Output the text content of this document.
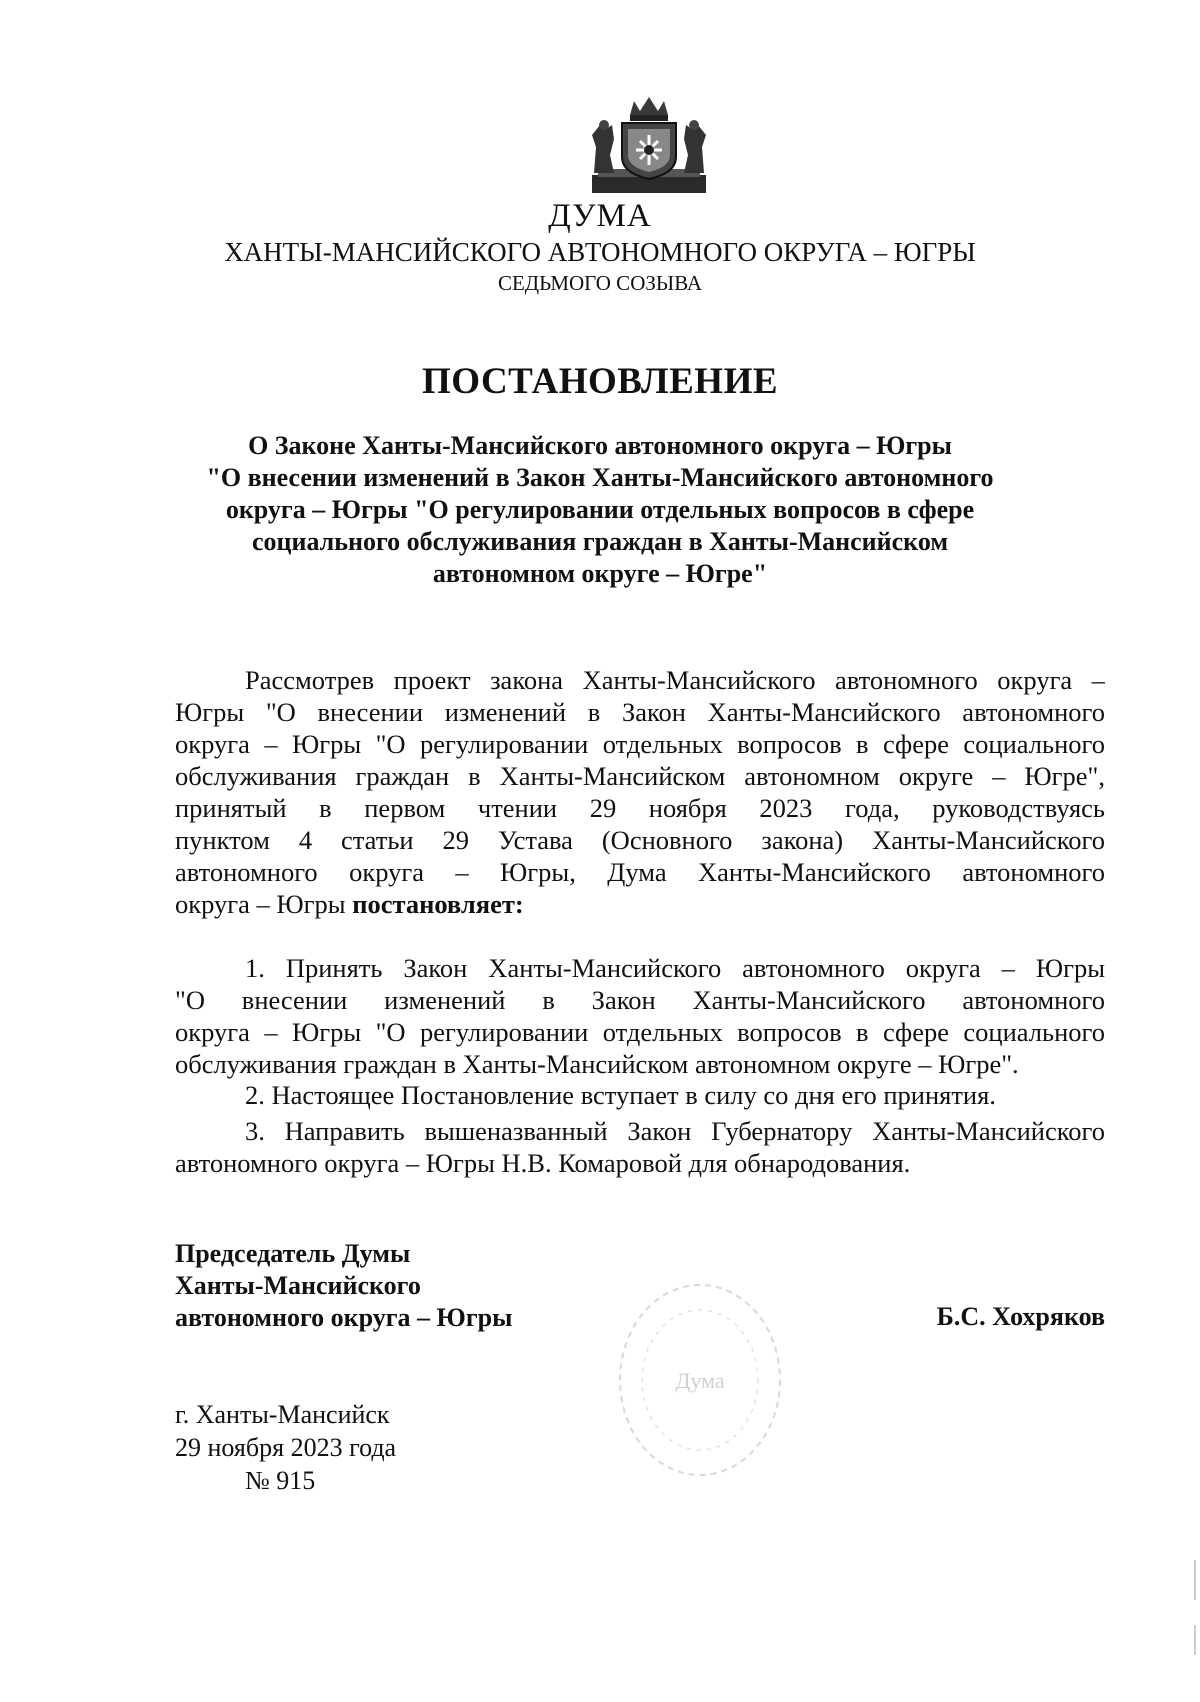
ДУМА
ХАНТЫ-МАНСИЙСКОГО АВТОНОМНОГО ОКРУГА – ЮГРЫ
СЕДЬМОГО СОЗЫВА
ПОСТАНОВЛЕНИЕ
О Законе Ханты-Мансийского автономного округа – Югры
"О внесении изменений в Закон Ханты-Мансийского автономного
округа – Югры "О регулировании отдельных вопросов в сфере
социального обслуживания граждан в Ханты-Мансийском
автономном округе – Югре"
Рассмотрев проект закона Ханты-Мансийского автономного округа –
Югры "О внесении изменений в Закон Ханты-Мансийского автономного
округа – Югры "О регулировании отдельных вопросов в сфере социального
обслуживания граждан в Ханты-Мансийском автономном округе – Югре",
принятый в первом чтении 29 ноября 2023 года, руководствуясь
пунктом 4 статьи 29 Устава (Основного закона) Ханты-Мансийского
автономного округа – Югры, Дума Ханты-Мансийского автономного
округа – Югры постановляет:
1. Принять Закон Ханты-Мансийского автономного округа – Югры
"О внесении изменений в Закон Ханты-Мансийского автономного
округа – Югры "О регулировании отдельных вопросов в сфере социального
обслуживания граждан в Ханты-Мансийском автономном округе – Югре".
2. Настоящее Постановление вступает в силу со дня его принятия.
3. Направить вышеназванный Закон Губернатору Ханты-Мансийского
автономного округа – Югры Н.В. Комаровой для обнародования.
Председатель Думы
Ханты-Мансийского
автономного округа – Югры	Б.С. Хохряков
Дума
г. Ханты-Мансийск
29 ноября 2023 года
№ 915
